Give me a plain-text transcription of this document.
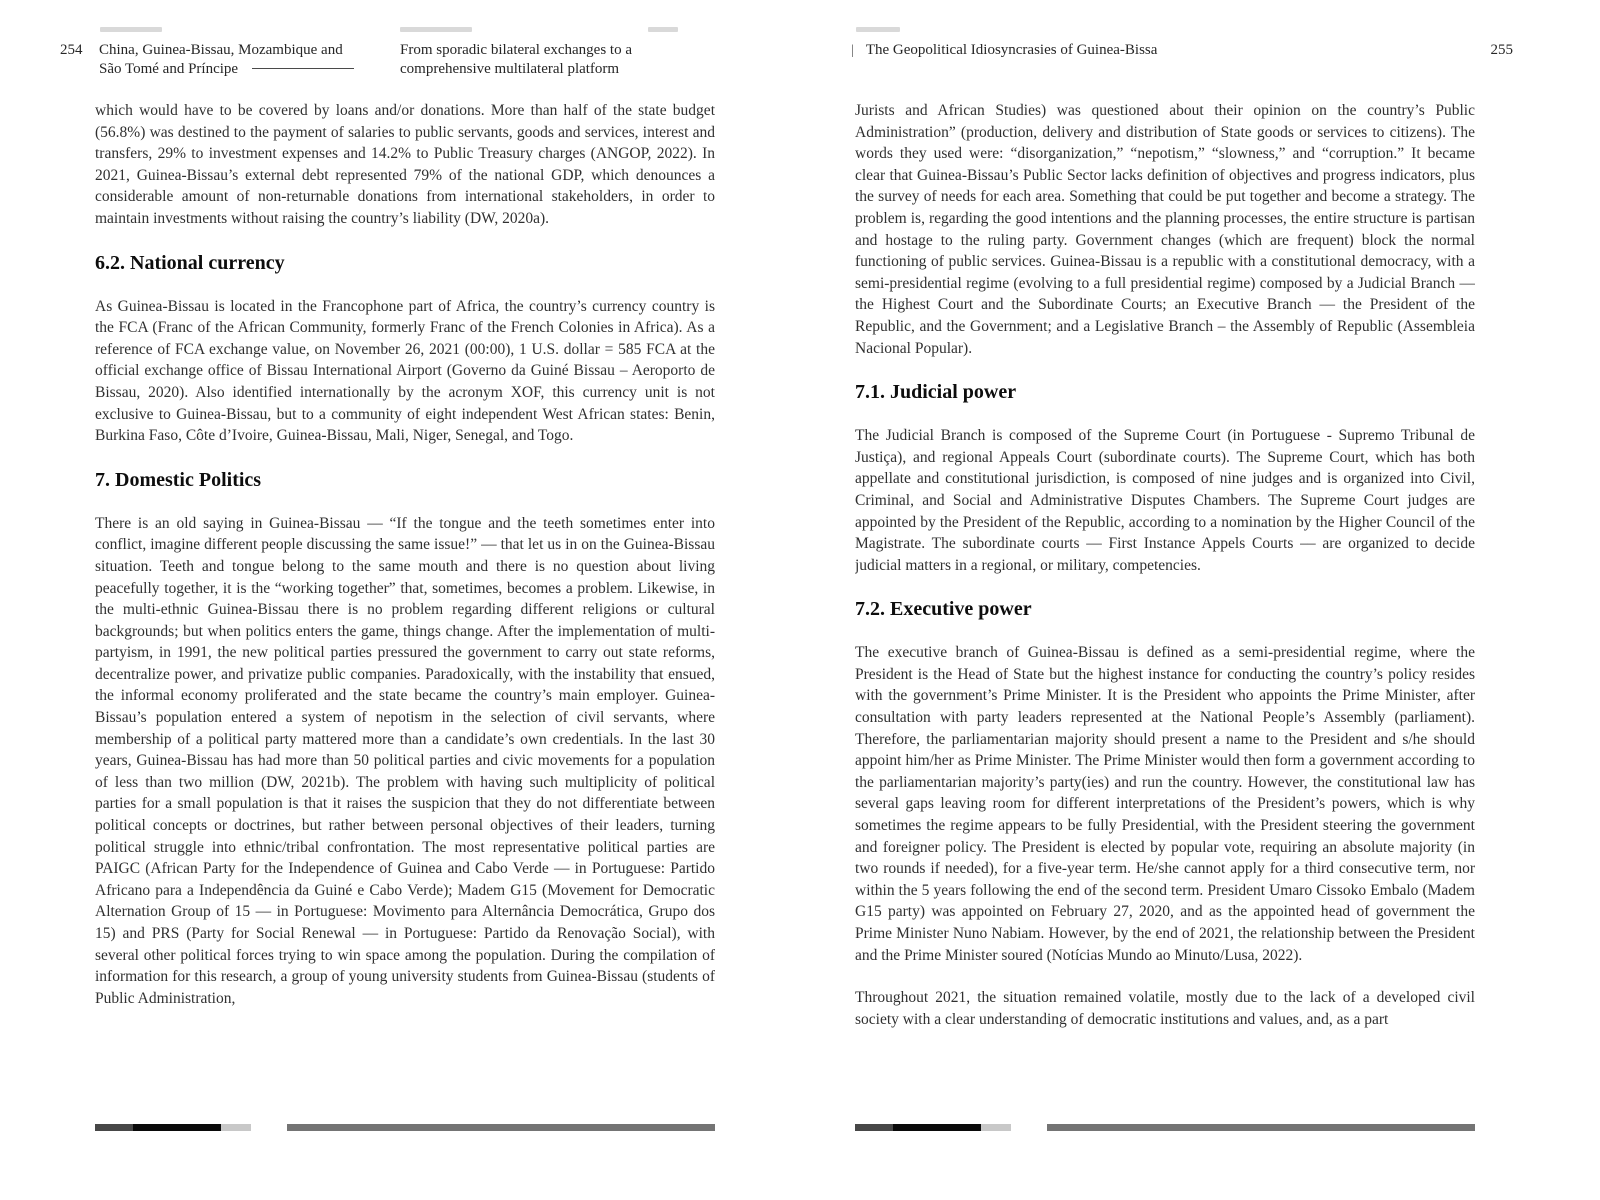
254 China, Guinea-Bissau, Mozambique and
São Tomé and Príncipe
From sporadic bilateral exchanges to a
comprehensive multilateral platform

which would have to be covered by loans and/or donations. More than half of the state budget (56.8%) was destined to the payment of salaries to public servants, goods and services, interest and transfers, 29% to investment expenses and 14.2% to Public Treasury charges (ANGOP, 2022). In 2021, Guinea-Bissau’s external debt represented 79% of the national GDP, which denounces a considerable amount of non-returnable donations from international stakeholders, in order to maintain investments without raising the country’s liability (DW, 2020a).

6.2. National currency

As Guinea-Bissau is located in the Francophone part of Africa, the country’s currency country is the FCA (Franc of the African Community, formerly Franc of the French Colonies in Africa). As a reference of FCA exchange value, on November 26, 2021 (00:00), 1 U.S. dollar = 585 FCA at the official exchange office of Bissau International Airport (Governo da Guiné Bissau – Aeroporto de Bissau, 2020). Also identified internationally by the acronym XOF, this currency unit is not exclusive to Guinea-Bissau, but to a community of eight independent West African states: Benin, Burkina Faso, Côte d’Ivoire, Guinea-Bissau, Mali, Niger, Senegal, and Togo.

7. Domestic Politics

There is an old saying in Guinea-Bissau — “If the tongue and the teeth sometimes enter into conflict, imagine different people discussing the same issue!” — that let us in on the Guinea-Bissau situation. Teeth and tongue belong to the same mouth and there is no question about living peacefully together, it is the “working together” that, sometimes, becomes a problem. Likewise, in the multi-ethnic Guinea-Bissau there is no problem regarding different religions or cultural backgrounds; but when politics enters the game, things change. After the implementation of multi-partyism, in 1991, the new political parties pressured the government to carry out state reforms, decentralize power, and privatize public companies. Paradoxically, with the instability that ensued, the informal economy proliferated and the state became the country’s main employer. Guinea-Bissau’s population entered a system of nepotism in the selection of civil servants, where membership of a political party mattered more than a candidate’s own credentials. In the last 30 years, Guinea-Bissau has had more than 50 political parties and civic movements for a population of less than two million (DW, 2021b). The problem with having such multiplicity of political parties for a small population is that it raises the suspicion that they do not differentiate between political concepts or doctrines, but rather between personal objectives of their leaders, turning political struggle into ethnic/tribal confrontation. The most representative political parties are PAIGC (African Party for the Independence of Guinea and Cabo Verde — in Portuguese: Partido Africano para a Independência da Guiné e Cabo Verde); Madem G15 (Movement for Democratic Alternation Group of 15 — in Portuguese: Movimento para Alternância Democrática, Grupo dos 15) and PRS (Party for Social Renewal — in Portuguese: Partido da Renovação Social), with several other political forces trying to win space among the population. During the compilation of information for this research, a group of young university students from Guinea-Bissau (students of Public Administration,

| The Geopolitical Idiosyncrasies of Guinea-Bissa	255

Jurists and African Studies) was questioned about their opinion on the country’s Public Administration” (production, delivery and distribution of State goods or services to citizens). The words they used were: “disorganization,” “nepotism,” “slowness,” and “corruption.” It became clear that Guinea-Bissau’s Public Sector lacks definition of objectives and progress indicators, plus the survey of needs for each area. Something that could be put together and become a strategy. The problem is, regarding the good intentions and the planning processes, the entire structure is partisan and hostage to the ruling party. Government changes (which are frequent) block the normal functioning of public services. Guinea-Bissau is a republic with a constitutional democracy, with a semi-presidential regime (evolving to a full presidential regime) composed by a Judicial Branch — the Highest Court and the Subordinate Courts; an Executive Branch — the President of the Republic, and the Government; and a Legislative Branch – the Assembly of Republic (Assembleia Nacional Popular).

7.1. Judicial power

The Judicial Branch is composed of the Supreme Court (in Portuguese - Supremo Tribunal de Justiça), and regional Appeals Court (subordinate courts). The Supreme Court, which has both appellate and constitutional jurisdiction, is composed of nine judges and is organized into Civil, Criminal, and Social and Administrative Disputes Chambers. The Supreme Court judges are appointed by the President of the Republic, according to a nomination by the Higher Council of the Magistrate. The subordinate courts — First Instance Appels Courts –– are organized to decide judicial matters in a regional, or military, competencies.

7.2. Executive power

The executive branch of Guinea-Bissau is defined as a semi-presidential regime, where the President is the Head of State but the highest instance for conducting the country’s policy resides with the government’s Prime Minister. It is the President who appoints the Prime Minister, after consultation with party leaders represented at the National People’s Assembly (parliament). Therefore, the parliamentarian majority should present a name to the President and s/he should appoint him/her as Prime Minister. The Prime Minister would then form a government according to the parliamentarian majority’s party(ies) and run the country. However, the constitutional law has several gaps leaving room for different interpretations of the President’s powers, which is why sometimes the regime appears to be fully Presidential, with the President steering the government and foreigner policy. The President is elected by popular vote, requiring an absolute majority (in two rounds if needed), for a five-year term. He/she cannot apply for a third consecutive term, nor within the 5 years following the end of the second term. President Umaro Cissoko Embalo (Madem G15 party) was appointed on February 27, 2020, and as the appointed head of government the Prime Minister Nuno Nabiam. However, by the end of 2021, the relationship between the President and the Prime Minister soured (Notícias Mundo ao Minuto/Lusa, 2022).

Throughout 2021, the situation remained volatile, mostly due to the lack of a developed civil society with a clear understanding of democratic institutions and values, and, as a part
